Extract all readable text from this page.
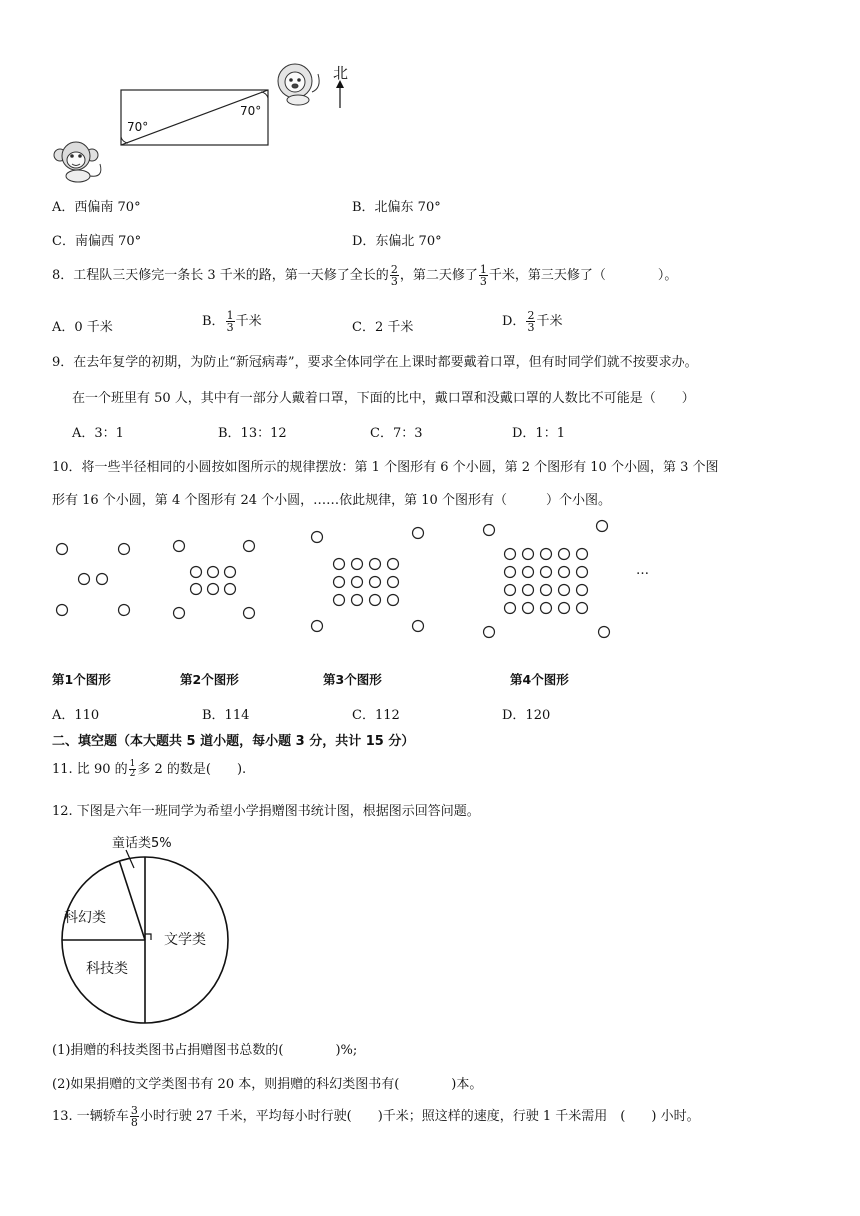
北
70°
70°
A．西偏南 70°	B．北偏东 70°
C．南偏西 70°	D．东偏北 70°
8．工程队三天修完一条长 3 千米的路，第一天修了全长的 $\frac{2}{3}$ ，第二天修了 $\frac{1}{3}$ 千米，第三天修了（　　　　）。
A．0 千米	B． $\frac{1}{3}$ 千米	C．2 千米	D． $\frac{2}{3}$ 千米
9．在去年复学的初期，为防止“新冠病毒”，要求全体同学在上课时都要戴着口罩，但有时同学们就不按要求办。
在一个班里有 50 人，其中有一部分人戴着口罩，下面的比中，戴口罩和没戴口罩的人数比不可能是（　　）
A．3：1	B．13：12	C．7：3	D．1：1
10．将一些半径相同的小圆按如图所示的规律摆放：第 1 个图形有 6 个小圆，第 2 个图形有 10 个小圆，第 3 个图
形有 16 个小圆，第 4 个图形有 24 个小圆，……依此规律，第 10 个图形有（　　　）个小图。
…
第1个图形	第2个图形	第3个图形	第4个图形
A．110	B．114	C．112	D．120
二、填空题（本大题共 5 道小题，每小题 3 分，共计 15 分）
11. 比 90 的 $\frac{1}{2}$ 多 2 的数是(　　).
12. 下图是六年一班同学为希望小学捐赠图书统计图，根据图示回答问题。
文学类
科幻类
科技类
童话类5%
(1)捐赠的科技类图书占捐赠图书总数的(　　　　)%;
(2)如果捐赠的文学类图书有 20 本，则捐赠的科幻类图书有(　　　　)本。
13. 一辆轿车 $\frac{3}{8}$ 小时行驶 27 千米，平均每小时行驶(　　)千米；照这样的速度，行驶 1 千米需用　(　　) 小时。
